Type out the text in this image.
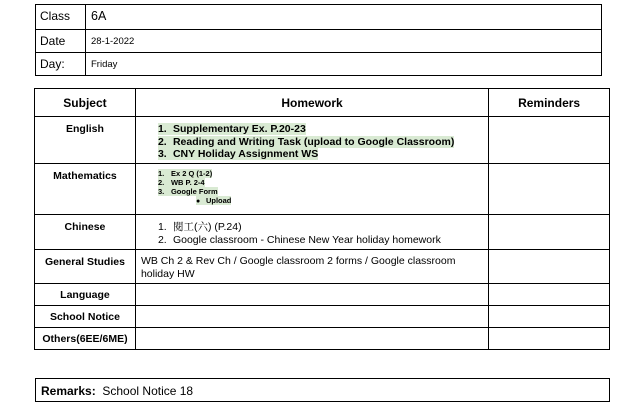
Class	6A
Date	28-1-2022
Day:	Friday
Subject	Homework	Reminders
English	1. Supplementary Ex. P.20-23
2. Reading and Writing Task (upload to Google Classroom)
3. CNY Holiday Assignment WS	

Mathematics	1. Ex 2 Q (1-2)
2. WB P. 2-4
3. Google Form
● Upload	

Chinese	1. 閱工(六) (P.24)
2. Google classroom - Chinese New Year holiday homework	

General Studies	WB Ch 2 & Rev Ch / Google classroom 2 forms / Google classroom holiday HW	

Language		
School Notice		
Others(6EE/6ME)		
Remarks: School Notice 18
